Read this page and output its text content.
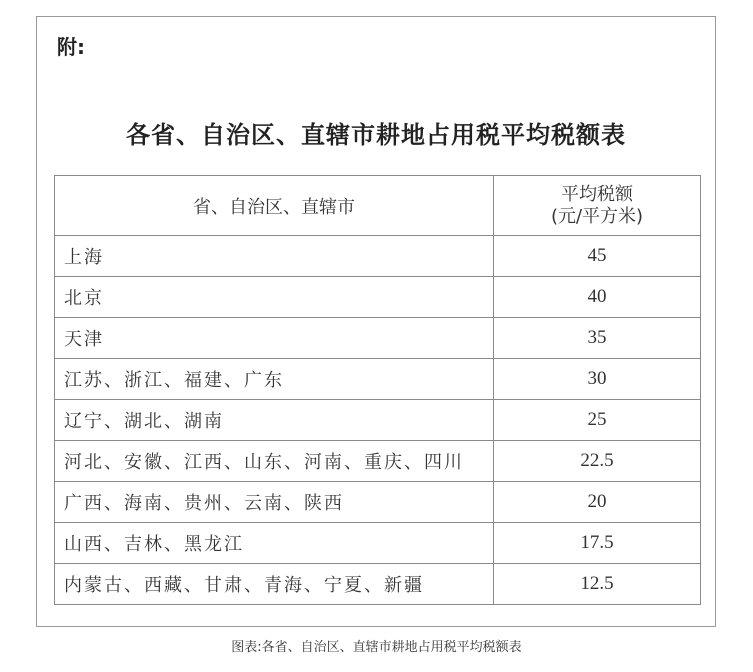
附:
各省、自治区、直辖市耕地占用税平均税额表
省、自治区、直辖市	平均税额
(元/平方米)

上海	45
北京	40
天津	35
江苏、浙江、福建、广东	30
辽宁、湖北、湖南	25
河北、安徽、江西、山东、河南、重庆、四川	22.5
广西、海南、贵州、云南、陕西	20
山西、吉林、黑龙江	17.5
内蒙古、西藏、甘肃、青海、宁夏、新疆	12.5
图表:各省、自治区、直辖市耕地占用税平均税额表
